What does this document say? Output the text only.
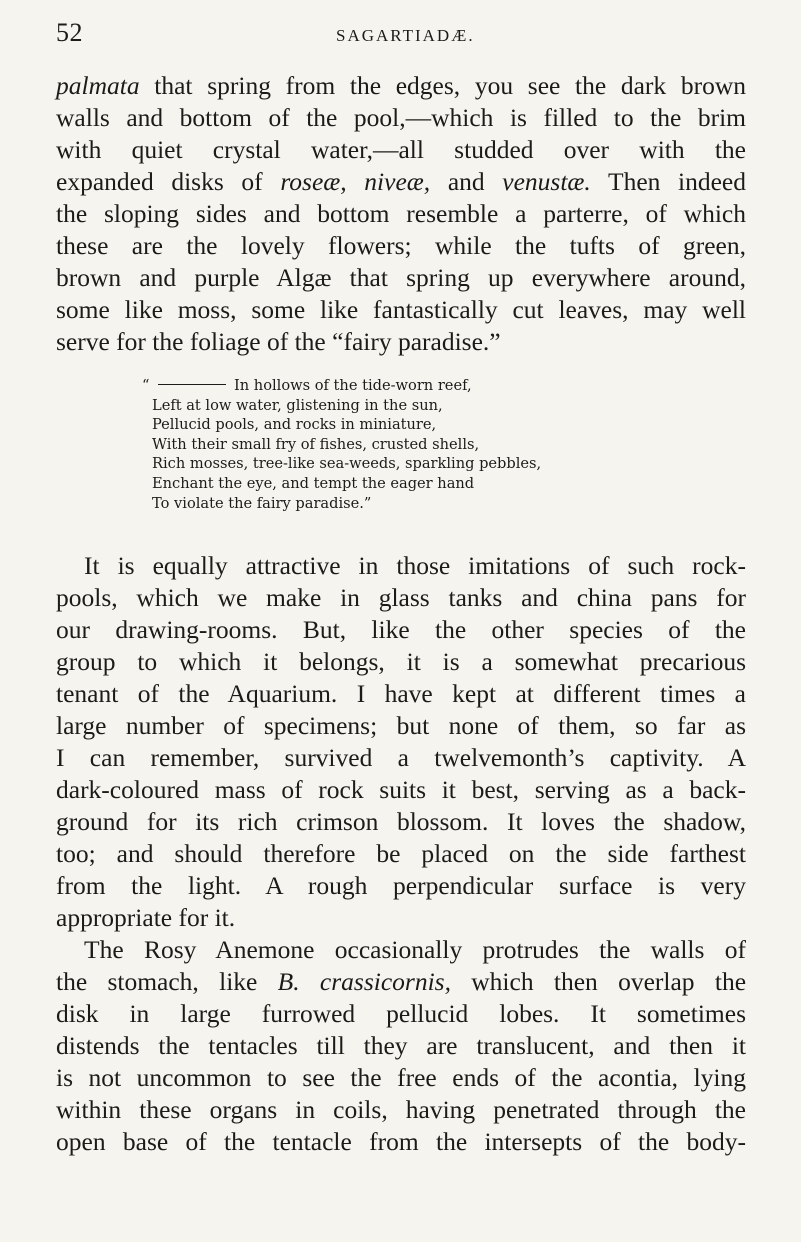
52	SAGARTIADÆ.
palmata that spring from the edges, you see the dark brown
walls and bottom of the pool,—which is filled to the brim
with quiet crystal water,—all studded over with the
expanded disks of roseæ, niveæ, and venustæ. Then indeed
the sloping sides and bottom resemble a parterre, of which
these are the lovely flowers; while the tufts of green,
brown and purple Algæ that spring up everywhere around,
some like moss, some like fantastically cut leaves, may well
serve for the foliage of the “fairy paradise.”
“	In hollows of the tide-worn reef,
Left at low water, glistening in the sun,
Pellucid pools, and rocks in miniature,
With their small fry of fishes, crusted shells,
Rich mosses, tree-like sea-weeds, sparkling pebbles,
Enchant the eye, and tempt the eager hand
To violate the fairy paradise.”
It is equally attractive in those imitations of such rock-
pools, which we make in glass tanks and china pans for
our drawing-rooms. But, like the other species of the
group to which it belongs, it is a somewhat precarious
tenant of the Aquarium. I have kept at different times a
large number of specimens; but none of them, so far as
I can remember, survived a twelvemonth’s captivity. A
dark-coloured mass of rock suits it best, serving as a back-
ground for its rich crimson blossom. It loves the shadow,
too; and should therefore be placed on the side farthest
from the light. A rough perpendicular surface is very
appropriate for it.
The Rosy Anemone occasionally protrudes the walls of
the stomach, like B. crassicornis, which then overlap the
disk in large furrowed pellucid lobes. It sometimes
distends the tentacles till they are translucent, and then it
is not uncommon to see the free ends of the acontia, lying
within these organs in coils, having penetrated through the
open base of the tentacle from the intersepts of the body-
